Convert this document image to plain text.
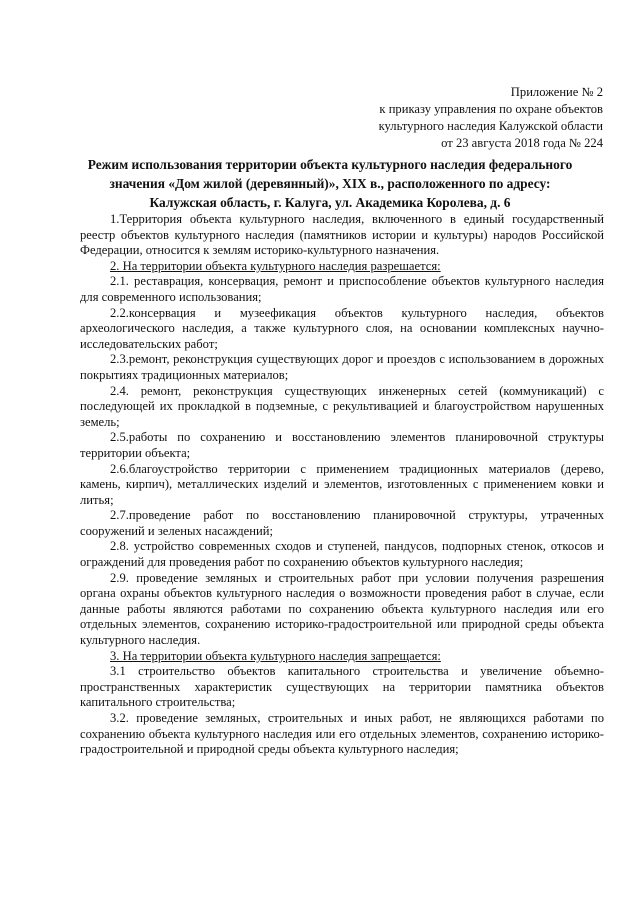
Приложение № 2
к приказу управления по охране объектов
культурного наследия Калужской области
от 23 августа 2018 года № 224
Режим использования территории объекта культурного наследия федерального
значения «Дом жилой (деревянный)», XIX в., расположенного по адресу:
Калужская область, г. Калуга, ул. Академика Королева, д. 6

1.Территория объекта культурного наследия, включенного в единый государственный реестр объектов культурного наследия (памятников истории и культуры) народов Российской Федерации, относится к землям историко-культурного назначения.

2. На территории объекта культурного наследия разрешается:

2.1. реставрация, консервация, ремонт и приспособление объектов культурного наследия для современного использования;

2.2.консервация и музеефикация объектов культурного наследия, объектов археологического наследия, а также культурного слоя, на основании комплексных научно-исследовательских работ;

2.3.ремонт, реконструкция существующих дорог и проездов с использованием в дорожных покрытиях традиционных материалов;

2.4. ремонт, реконструкция существующих инженерных сетей (коммуникаций) с последующей их прокладкой в подземные, с рекультивацией и благоустройством нарушенных земель;

2.5.работы по сохранению и восстановлению элементов планировочной структуры территории объекта;

2.6.благоустройство территории с применением традиционных материалов (дерево, камень, кирпич), металлических изделий и элементов, изготовленных с применением ковки и литья;

2.7.проведение работ по восстановлению планировочной структуры, утраченных сооружений и зеленых насаждений;

2.8. устройство современных сходов и ступеней, пандусов, подпорных стенок, откосов и ограждений для проведения работ по сохранению объектов культурного наследия;

2.9. проведение земляных и строительных работ при условии получения разрешения органа охраны объектов культурного наследия о возможности проведения работ в случае, если данные работы являются работами по сохранению объекта культурного наследия или его отдельных элементов, сохранению историко-градостроительной или природной среды объекта культурного наследия.

3. На территории объекта культурного наследия запрещается:

3.1 строительство объектов капитального строительства и увеличение объемно-пространственных характеристик существующих на территории памятника объектов капитального строительства;

3.2. проведение земляных, строительных и иных работ, не являющихся работами по сохранению объекта культурного наследия или его отдельных элементов, сохранению историко-градостроительной и природной среды объекта культурного наследия;
